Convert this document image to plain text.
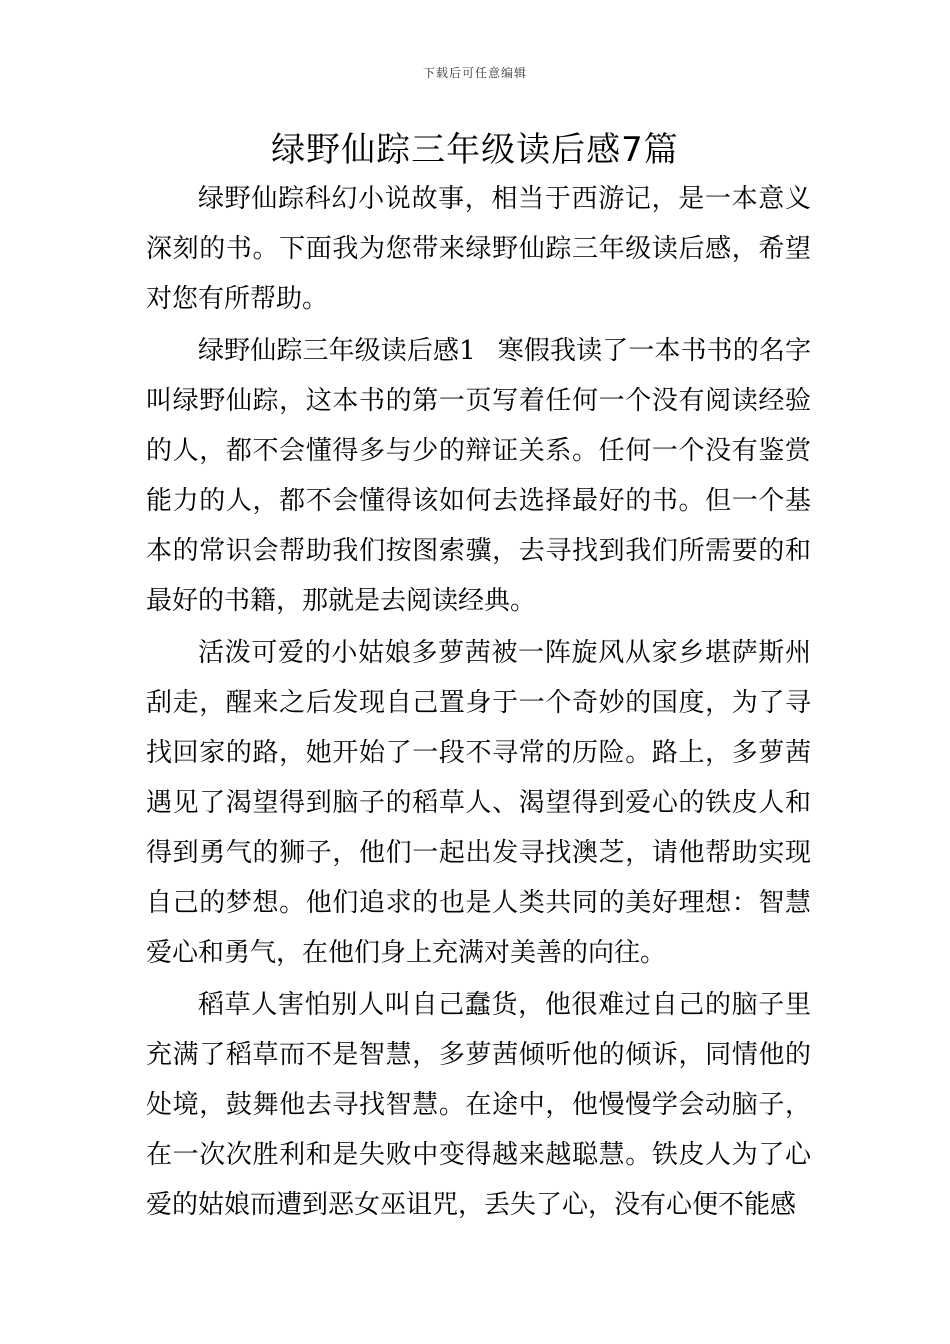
下载后可任意编辑
绿野仙踪三年级读后感7篇

绿野仙踪科幻小说故事，相当于西游记，是一本意义深刻的书。下面我为您带来绿野仙踪三年级读后感，希望对您有所帮助。

绿野仙踪三年级读后感1 寒假我读了一本书书的名字叫绿野仙踪，这本书的第一页写着任何一个没有阅读经验的人，都不会懂得多与少的辩证关系。任何一个没有鉴赏能力的人，都不会懂得该如何去选择最好的书。但一个基本的常识会帮助我们按图索骥，去寻找到我们所需要的和最好的书籍，那就是去阅读经典。

活泼可爱的小姑娘多萝茜被一阵旋风从家乡堪萨斯州刮走，醒来之后发现自己置身于一个奇妙的国度，为了寻找回家的路，她开始了一段不寻常的历险。路上，多萝茜遇见了渴望得到脑子的稻草人、渴望得到爱心的铁皮人和得到勇气的狮子，他们一起出发寻找澳芝，请他帮助实现自己的梦想。他们追求的也是人类共同的美好理想：智慧爱心和勇气，在他们身上充满对美善的向往。

稻草人害怕别人叫自己蠢货，他很难过自己的脑子里充满了稻草而不是智慧，多萝茜倾听他的倾诉，同情他的处境，鼓舞他去寻找智慧。在途中，他慢慢学会动脑子，在一次次胜利和是失败中变得越来越聪慧。铁皮人为了心爱的姑娘而遭到恶女巫诅咒，丢失了心，没有心便不能感
